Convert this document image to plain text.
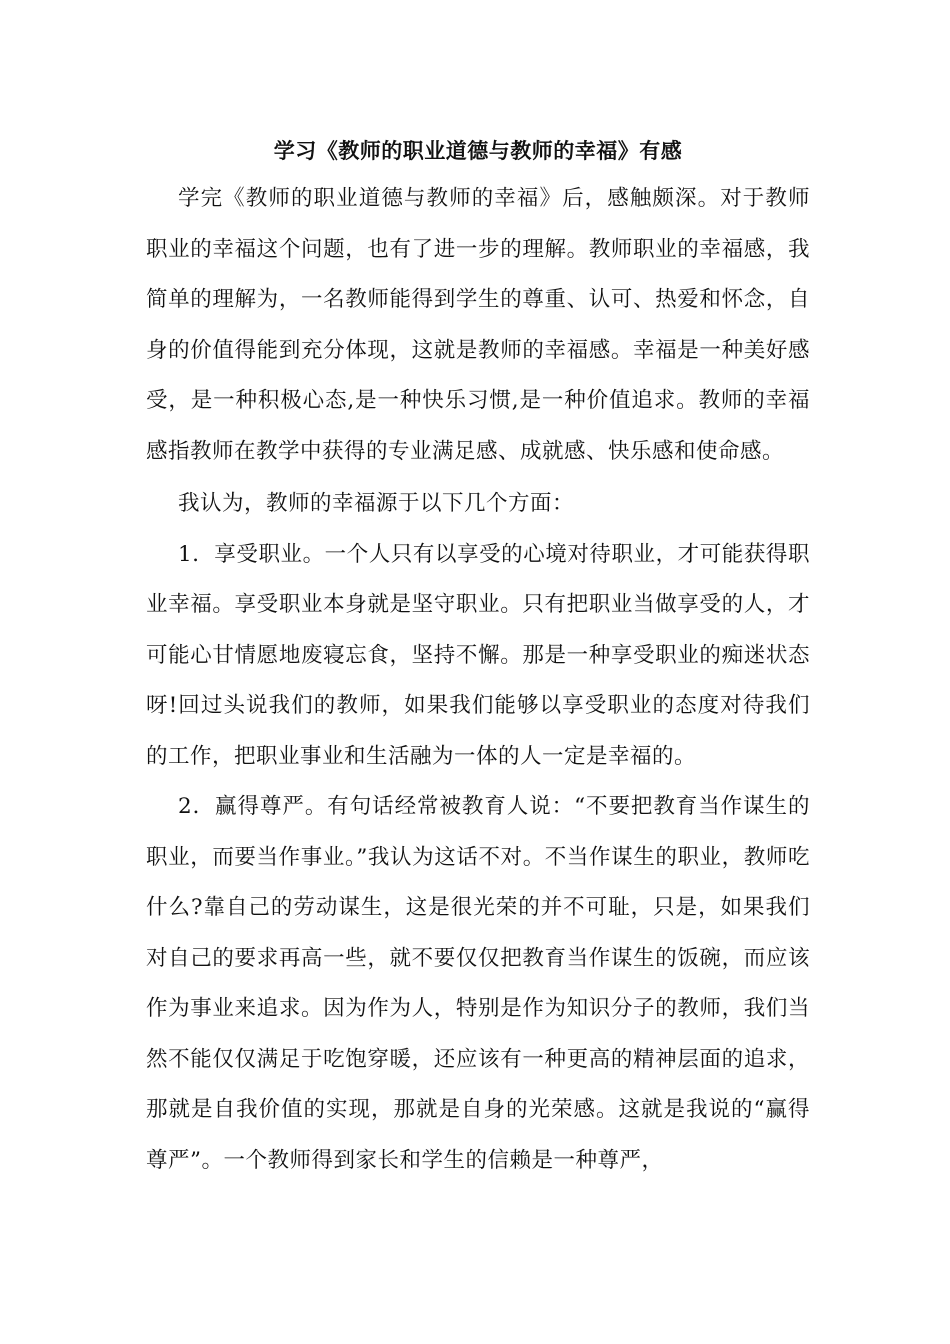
学习《教师的职业道德与教师的幸福》有感

学完《教师的职业道德与教师的幸福》后，感触颇深。对于教师职业的幸福这个问题，也有了进一步的理解。教师职业的幸福感，我简单的理解为，一名教师能得到学生的尊重、认可、热爱和怀念，自身的价值得能到充分体现，这就是教师的幸福感。幸福是一种美好感受，是一种积极心态,是一种快乐习惯,是一种价值追求。教师的幸福感指教师在教学中获得的专业满足感、成就感、快乐感和使命感。

我认为，教师的幸福源于以下几个方面：

1．享受职业。一个人只有以享受的心境对待职业，才可能获得职业幸福。享受职业本身就是坚守职业。只有把职业当做享受的人，才可能心甘情愿地废寝忘食，坚持不懈。那是一种享受职业的痴迷状态呀!回过头说我们的教师，如果我们能够以享受职业的态度对待我们的工作，把职业事业和生活融为一体的人一定是幸福的。

2．赢得尊严。有句话经常被教育人说：“不要把教育当作谋生的职业，而要当作事业。”我认为这话不对。不当作谋生的职业，教师吃什么?靠自己的劳动谋生，这是很光荣的并不可耻，只是，如果我们对自己的要求再高一些，就不要仅仅把教育当作谋生的饭碗，而应该作为事业来追求。因为作为人，特别是作为知识分子的教师，我们当然不能仅仅满足于吃饱穿暖，还应该有一种更高的精神层面的追求，那就是自我价值的实现，那就是自身的光荣感。这就是我说的“赢得尊严”。一个教师得到家长和学生的信赖是一种尊严，
